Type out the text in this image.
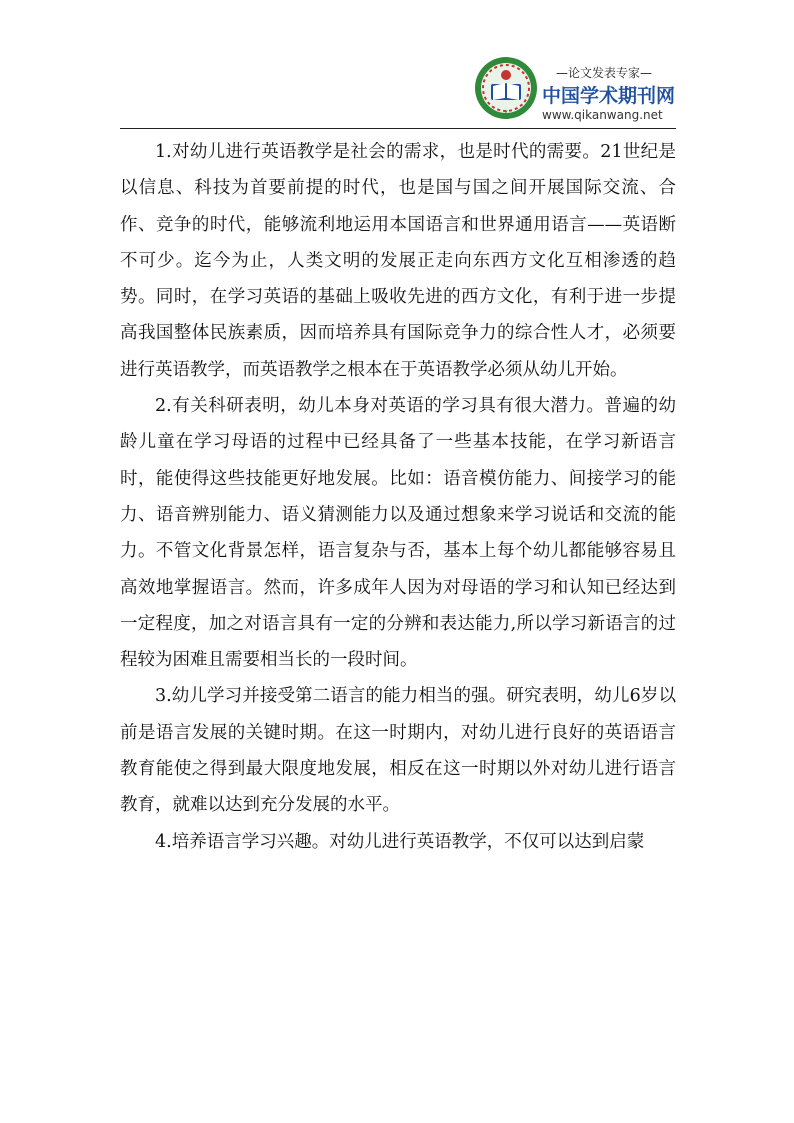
★
—论文发表专家—
中国学术期刊网
www.qikanwang.net

1.对幼儿进行英语教学是社会的需求，也是时代的需要。21世纪是以信息、科技为首要前提的时代，也是国与国之间开展国际交流、合作、竞争的时代，能够流利地运用本国语言和世界通用语言——英语断不可少。迄今为止，人类文明的发展正走向东西方文化互相渗透的趋势。同时，在学习英语的基础上吸收先进的西方文化，有利于进一步提高我国整体民族素质，因而培养具有国际竞争力的综合性人才，必须要进行英语教学，而英语教学之根本在于英语教学必须从幼儿开始。

2.有关科研表明，幼儿本身对英语的学习具有很大潜力。普遍的幼龄儿童在学习母语的过程中已经具备了一些基本技能，在学习新语言时，能使得这些技能更好地发展。比如：语音模仿能力、间接学习的能力、语音辨别能力、语义猜测能力以及通过想象来学习说话和交流的能力。不管文化背景怎样，语言复杂与否，基本上每个幼儿都能够容易且高效地掌握语言。然而，许多成年人因为对母语的学习和认知已经达到一定程度，加之对语言具有一定的分辨和表达能力,所以学习新语言的过程较为困难且需要相当长的一段时间。

3.幼儿学习并接受第二语言的能力相当的强。研究表明，幼儿6岁以前是语言发展的关键时期。在这一时期内，对幼儿进行良好的英语语言教育能使之得到最大限度地发展，相反在这一时期以外对幼儿进行语言教育，就难以达到充分发展的水平。

4.培养语言学习兴趣。对幼儿进行英语教学，不仅可以达到启蒙
